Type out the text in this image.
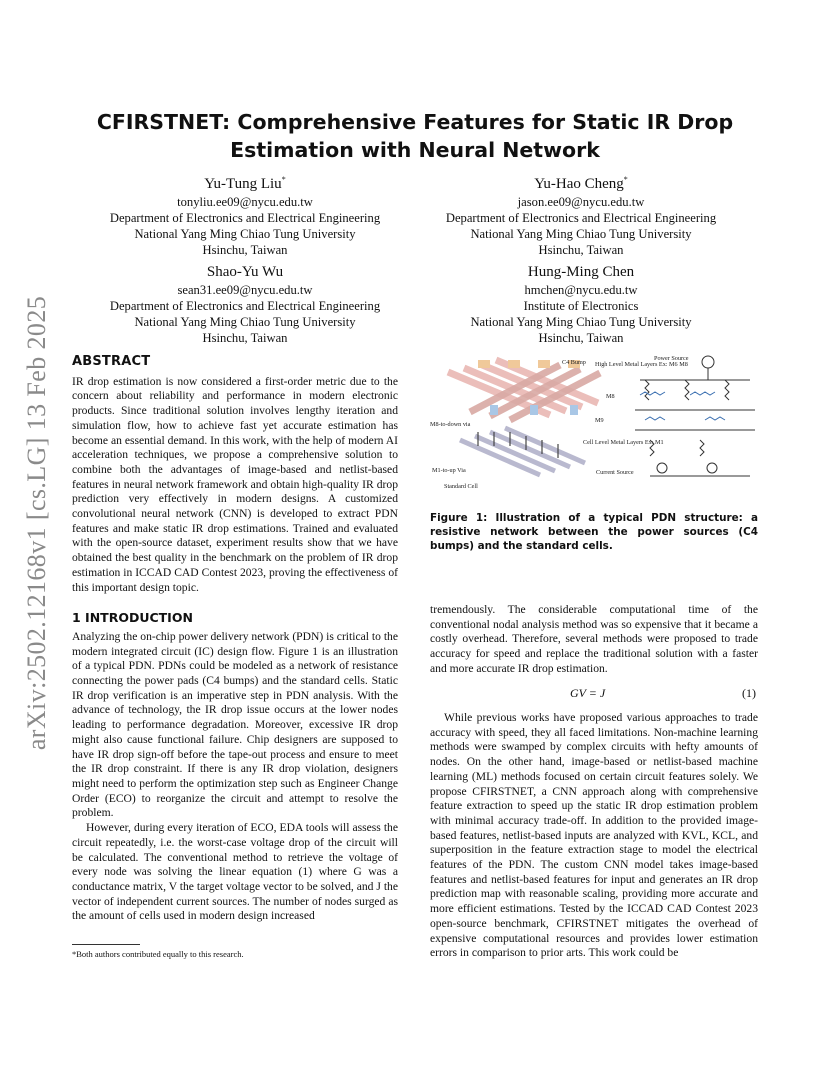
arXiv:2502.12168v1 [cs.LG] 13 Feb 2025
CFIRSTNET: Comprehensive Features for Static IR Drop Estimation with Neural Network
Yu-Tung Liu*
tonyliu.ee09@nycu.edu.tw
Department of Electronics and Electrical Engineering
National Yang Ming Chiao Tung University
Hsinchu, Taiwan
Yu-Hao Cheng*
jason.ee09@nycu.edu.tw
Department of Electronics and Electrical Engineering
National Yang Ming Chiao Tung University
Hsinchu, Taiwan
Shao-Yu Wu
sean31.ee09@nycu.edu.tw
Department of Electronics and Electrical Engineering
National Yang Ming Chiao Tung University
Hsinchu, Taiwan
Hung-Ming Chen
hmchen@nycu.edu.tw
Institute of Electronics
National Yang Ming Chiao Tung University
Hsinchu, Taiwan
ABSTRACT

IR drop estimation is now considered a first-order metric due to the concern about reliability and performance in modern electronic products. Since traditional solution involves lengthy iteration and simulation flow, how to achieve fast yet accurate estimation has become an essential demand. In this work, with the help of modern AI acceleration techniques, we propose a comprehensive solution to combine both the advantages of image-based and netlist-based features in neural network framework and obtain high-quality IR drop prediction very effectively in modern designs. A customized convolutional neural network (CNN) is developed to extract PDN features and make static IR drop estimations. Trained and evaluated with the open-source dataset, experiment results show that we have obtained the best quality in the benchmark on the problem of IR drop estimation in ICCAD CAD Contest 2023, proving the effectiveness of this important design topic.

1 INTRODUCTION

Analyzing the on-chip power delivery network (PDN) is critical to the modern integrated circuit (IC) design flow. Figure 1 is an illustration of a typical PDN. PDNs could be modeled as a network of resistance connecting the power pads (C4 bumps) and the standard cells. Static IR drop verification is an imperative step in PDN analysis. With the advance of technology, the IR drop issue occurs at the lower nodes leading to performance degradation. Moreover, excessive IR drop might also cause functional failure. Chip designers are supposed to have IR drop sign-off before the tape-out process and ensure to meet the IR drop constraint. If there is any IR drop violation, designers might need to perform the optimization step such as Engineer Change Order (ECO) to reorganize the circuit and attempt to resolve the problem.

However, during every iteration of ECO, EDA tools will assess the circuit repeatedly, i.e. the worst-case voltage drop of the circuit will be calculated. The conventional method to retrieve the voltage of every node was solving the linear equation (1) where G was a conductance matrix, V the target voltage vector to be solved, and J the vector of independent current sources. The number of nodes surged as the amount of cells used in modern design increased

*Both authors contributed equally to this research.
C4 Bump High Level Metal Layers Ex: M6 M8
M8
M9
M8-to-down via
Cell Level Metal Layers Ex: M1
M1-to-up Via
Standard Cell
Power Source
Current Source
Figure 1: Illustration of a typical PDN structure: a resistive network between the power sources (C4 bumps) and the standard cells.

tremendously. The considerable computational time of the conventional nodal analysis method was so expensive that it became a costly overhead. Therefore, several methods were proposed to trade accuracy for speed and replace the traditional solution with a faster and more accurate IR drop estimation.

GV = J	(1)

While previous works have proposed various approaches to trade accuracy with speed, they all faced limitations. Non-machine learning methods were swamped by complex circuits with hefty amounts of nodes. On the other hand, image-based or netlist-based machine learning (ML) methods focused on certain circuit features solely. We propose CFIRSTNET, a CNN approach along with comprehensive feature extraction to speed up the static IR drop estimation problem with minimal accuracy trade-off. In addition to the provided image-based features, netlist-based inputs are analyzed with KVL, KCL, and superposition in the feature extraction stage to model the electrical features of the PDN. The custom CNN model takes image-based features and netlist-based features for input and generates an IR drop prediction map with reasonable scaling, providing more accurate and more efficient estimations. Tested by the ICCAD CAD Contest 2023 open-source benchmark, CFIRSTNET mitigates the overhead of expensive computational resources and provides lower estimation errors in comparison to prior arts. This work could be
